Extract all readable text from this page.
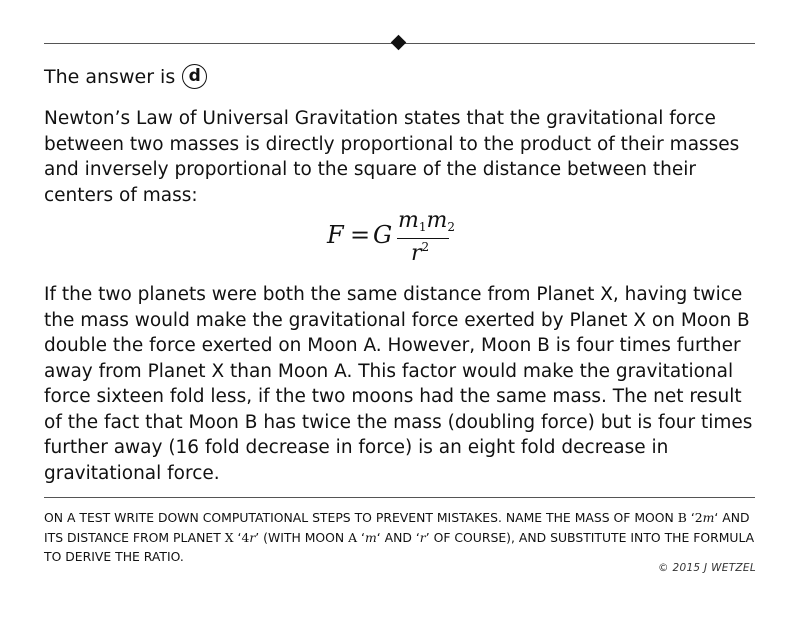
The answer is d

Newton’s Law of Universal Gravitation states that the gravitational force between two masses is directly proportional to the product of their masses and inversely proportional to the square of the distance between their centers of mass:

F = G
$m_1m_2$
$r^2$

If the two planets were both the same distance from Planet X, having twice the mass would make the gravitational force exerted by Planet X on Moon B double the force exerted on Moon A. However, Moon B is four times further away from Planet X than Moon A. This factor would make the gravitational force sixteen fold less, if the two moons had the same mass. The net result of the fact that Moon B has twice the mass (doubling force) but is four times further away (16 fold decrease in force) is an eight fold decrease in gravitational force.

ON A TEST WRITE DOWN COMPUTATIONAL STEPS TO PREVENT MISTAKES. NAME THE MASS OF MOON B ‘2m‘ AND ITS DISTANCE FROM PLANET X ‘4r’ (WITH MOON A ‘m‘ AND ‘r’ OF COURSE), AND SUBSTITUTE INTO THE FORMULA TO DERIVE THE RATIO.

© 2015 J WETZEL
